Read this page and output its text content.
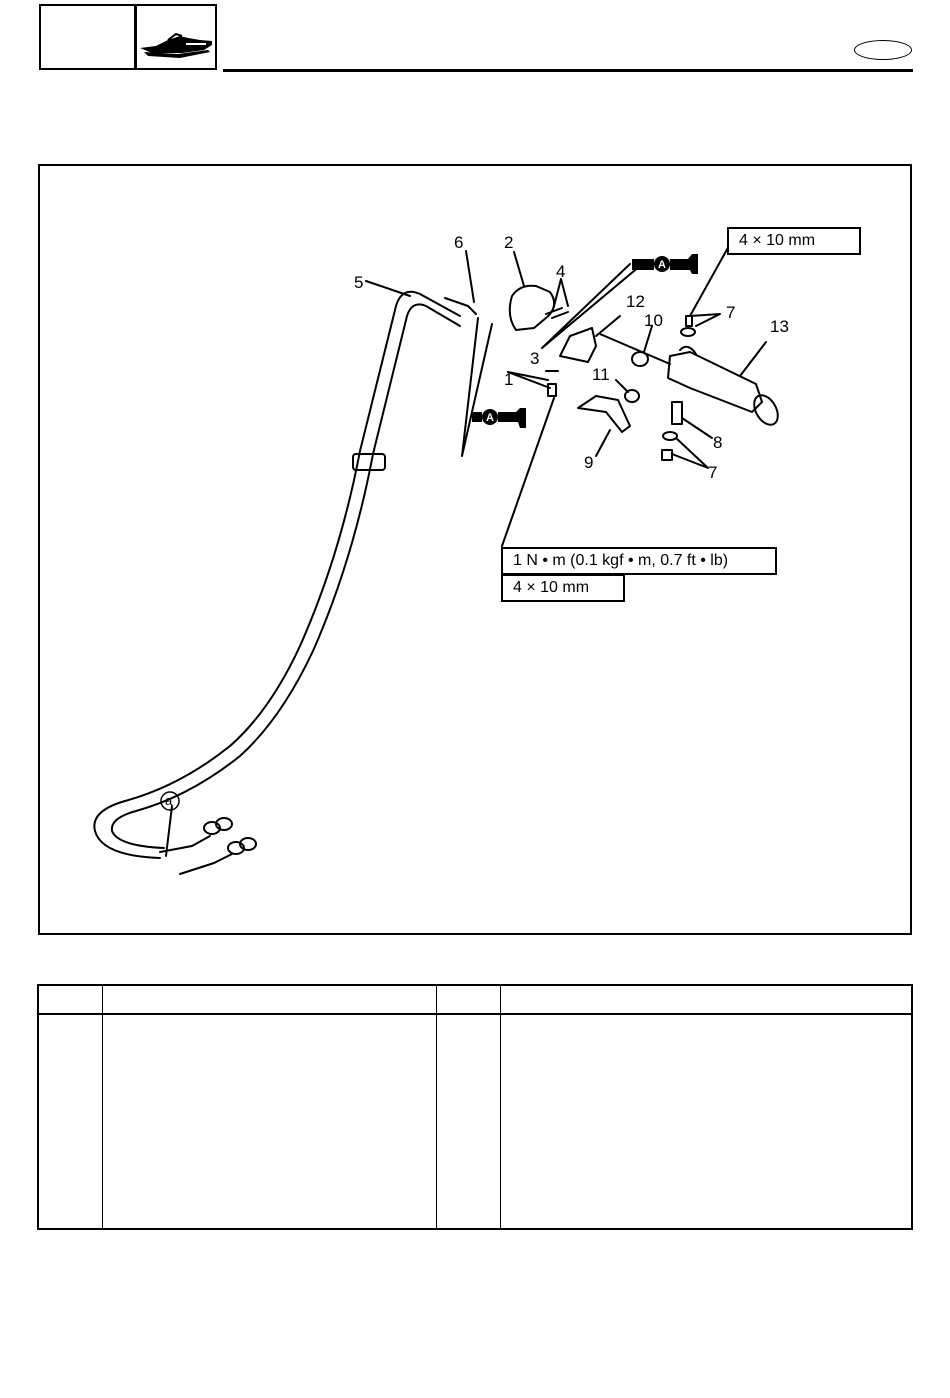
A
A
1
2
3
4
5
6
7
7
8
9
10
11
12
13
a
4 × 10 mm
1 N • m (0.1 kgf • m, 0.7 ft • lb)
4 × 10 mm
